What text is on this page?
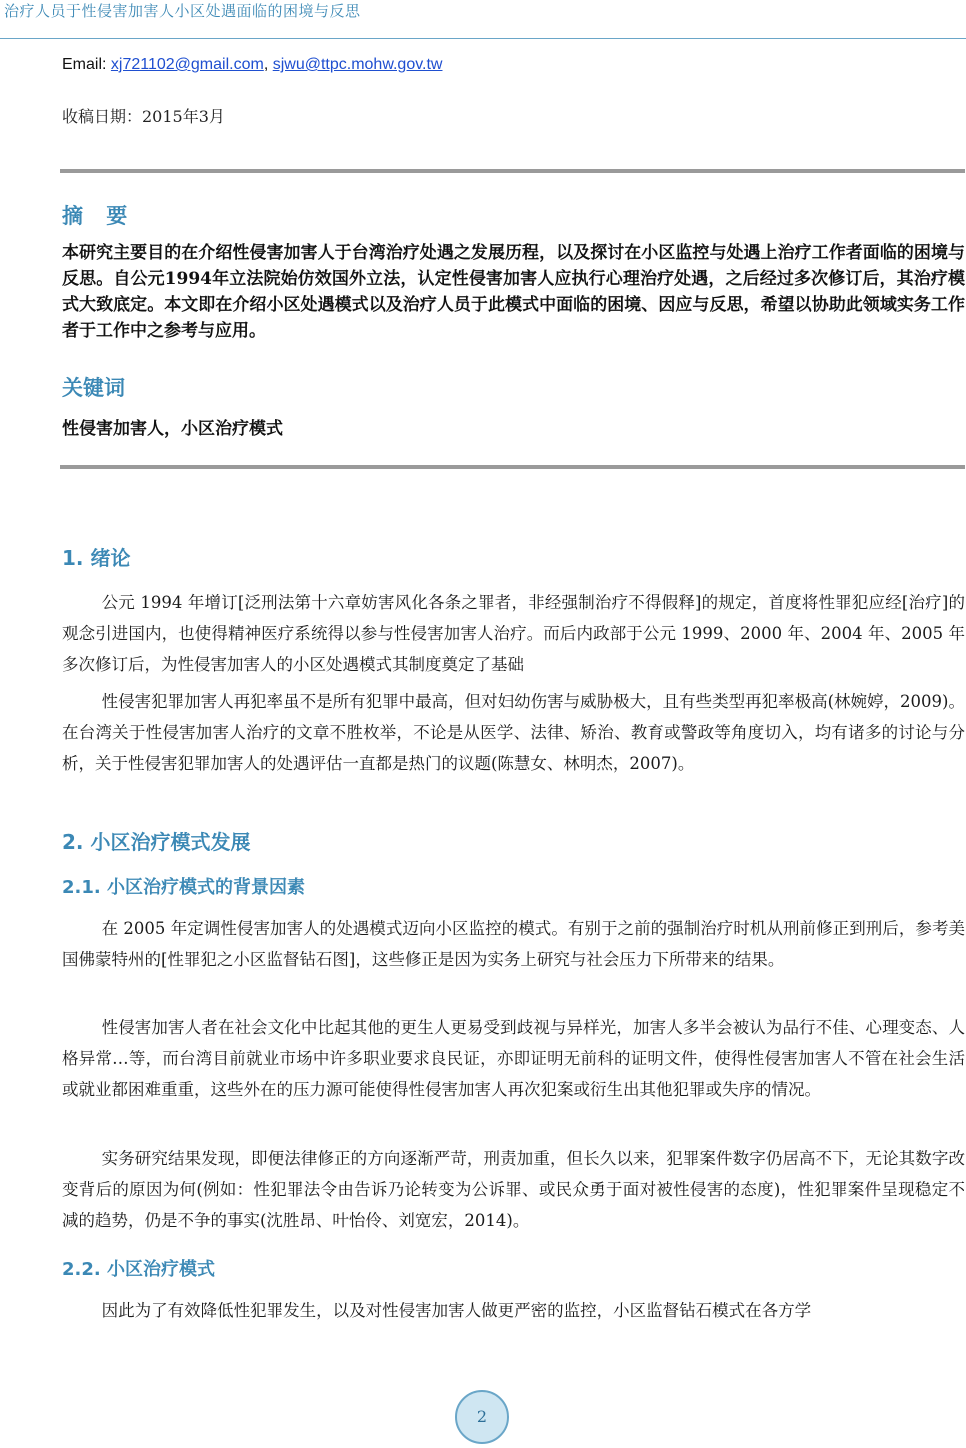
治疗人员于性侵害加害人小区处遇面临的困境与反思
Email: xj721102@gmail.com, sjwu@ttpc.mohw.gov.tw
收稿日期：2015年3月
摘 要
本研究主要目的在介绍性侵害加害人于台湾治疗处遇之发展历程，以及探讨在小区监控与处遇上治疗工作者面临的困境与反思。自公元1994年立法院始仿效国外立法，认定性侵害加害人应执行心理治疗处遇，之后经过多次修订后，其治疗模式大致底定。本文即在介绍小区处遇模式以及治疗人员于此模式中面临的困境、因应与反思，希望以协助此领域实务工作者于工作中之参考与应用。
关键词
性侵害加害人，小区治疗模式
1. 绪论
公元 1994 年增订[泛刑法第十六章妨害风化各条之罪者，非经强制治疗不得假释]的规定，首度将性罪犯应经[治疗]的观念引进国内，也使得精神医疗系统得以参与性侵害加害人治疗。而后内政部于公元 1999、2000 年、2004 年、2005 年多次修订后，为性侵害加害人的小区处遇模式其制度奠定了基础
性侵害犯罪加害人再犯率虽不是所有犯罪中最高，但对妇幼伤害与威胁极大，且有些类型再犯率极高(林婉婷，2009)。在台湾关于性侵害加害人治疗的文章不胜枚举，不论是从医学、法律、矫治、教育或警政等角度切入，均有诸多的讨论与分析，关于性侵害犯罪加害人的处遇评估一直都是热门的议题(陈慧女、林明杰，2007)。
2. 小区治疗模式发展
2.1. 小区治疗模式的背景因素
在 2005 年定调性侵害加害人的处遇模式迈向小区监控的模式。有别于之前的强制治疗时机从刑前修正到刑后，参考美国佛蒙特州的[性罪犯之小区监督钻石图]，这些修正是因为实务上研究与社会压力下所带来的结果。
性侵害加害人者在社会文化中比起其他的更生人更易受到歧视与异样光，加害人多半会被认为品行不佳、心理变态、人格异常…等，而台湾目前就业市场中许多职业要求良民证，亦即证明无前科的证明文件，使得性侵害加害人不管在社会生活或就业都困难重重，这些外在的压力源可能使得性侵害加害人再次犯案或衍生出其他犯罪或失序的情况。
实务研究结果发现，即便法律修正的方向逐渐严苛，刑责加重，但长久以来，犯罪案件数字仍居高不下，无论其数字改变背后的原因为何(例如：性犯罪法令由告诉乃论转变为公诉罪、或民众勇于面对被性侵害的态度)，性犯罪案件呈现稳定不减的趋势，仍是不争的事实(沈胜昂、叶怡伶、刘宽宏，2014)。
2.2. 小区治疗模式
因此为了有效降低性犯罪发生，以及对性侵害加害人做更严密的监控，小区监督钻石模式在各方学
2
